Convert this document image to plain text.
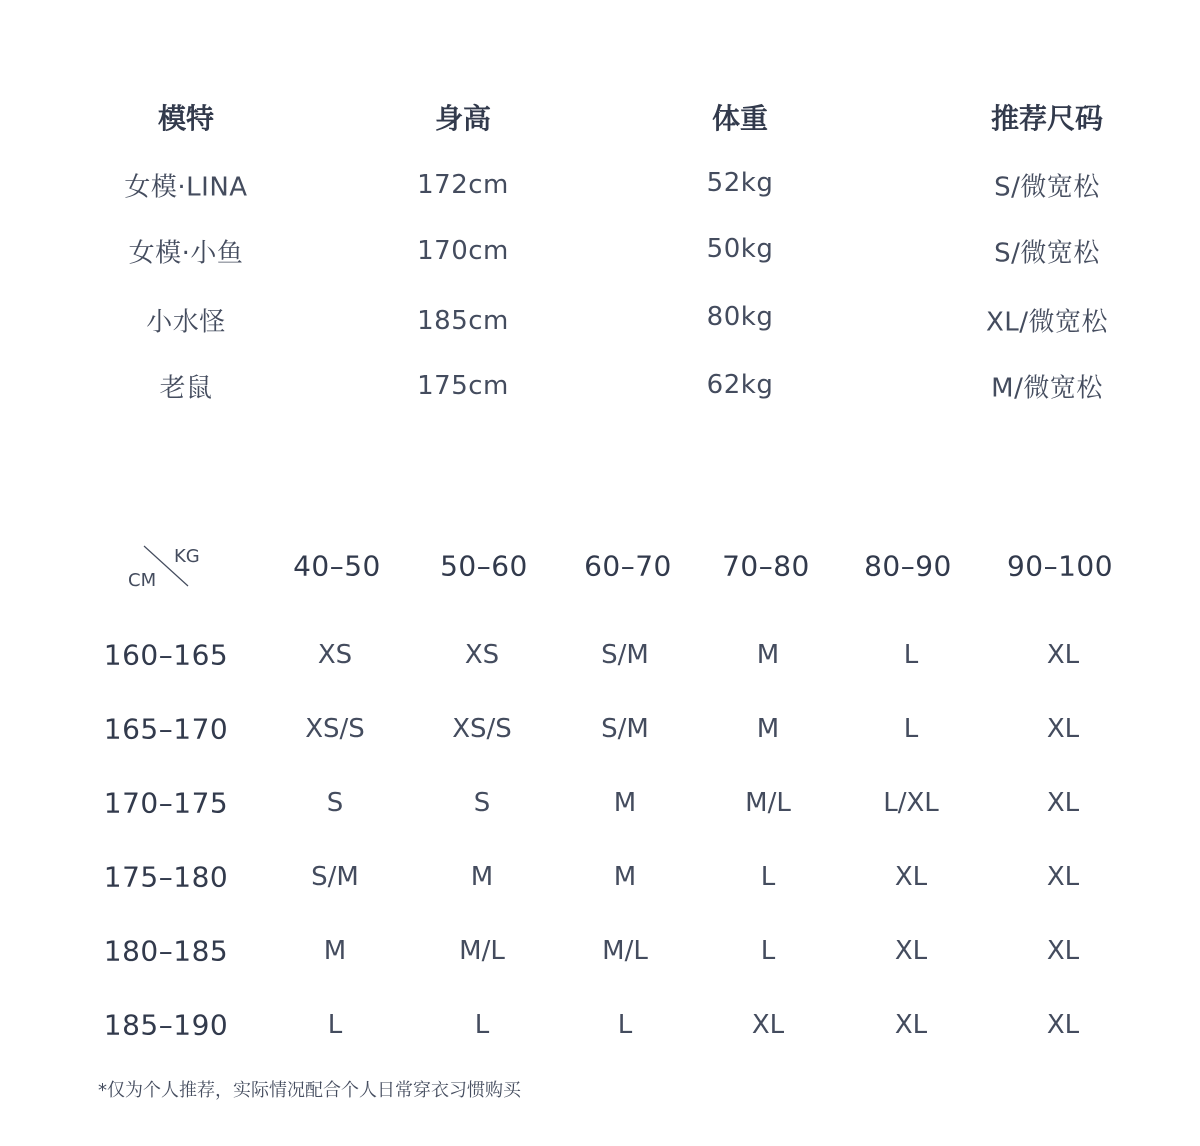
模特	身高	体重	推荐尺码
女模·LINA	172cm	52kg	S/微宽松
女模·小鱼	170cm	50kg	S/微宽松
小水怪	185cm	80kg	XL/微宽松
老鼠	175cm	62kg	M/微宽松
CM
KG	40–50 50–60 60–70 70–80 80–90 90–100
160–165	XS	XS	S/M	M	L	XL
165–170	XS/S	XS/S	S/M	M	L	XL
170–175	S	S	M	M/L	L/XL	XL
175–180	S/M	M	M	L	XL	XL
180–185	M	M/L	M/L	L	XL	XL
185–190	L	L	L	XL	XL	XL
*仅为个人推荐，实际情况配合个人日常穿衣习惯购买
